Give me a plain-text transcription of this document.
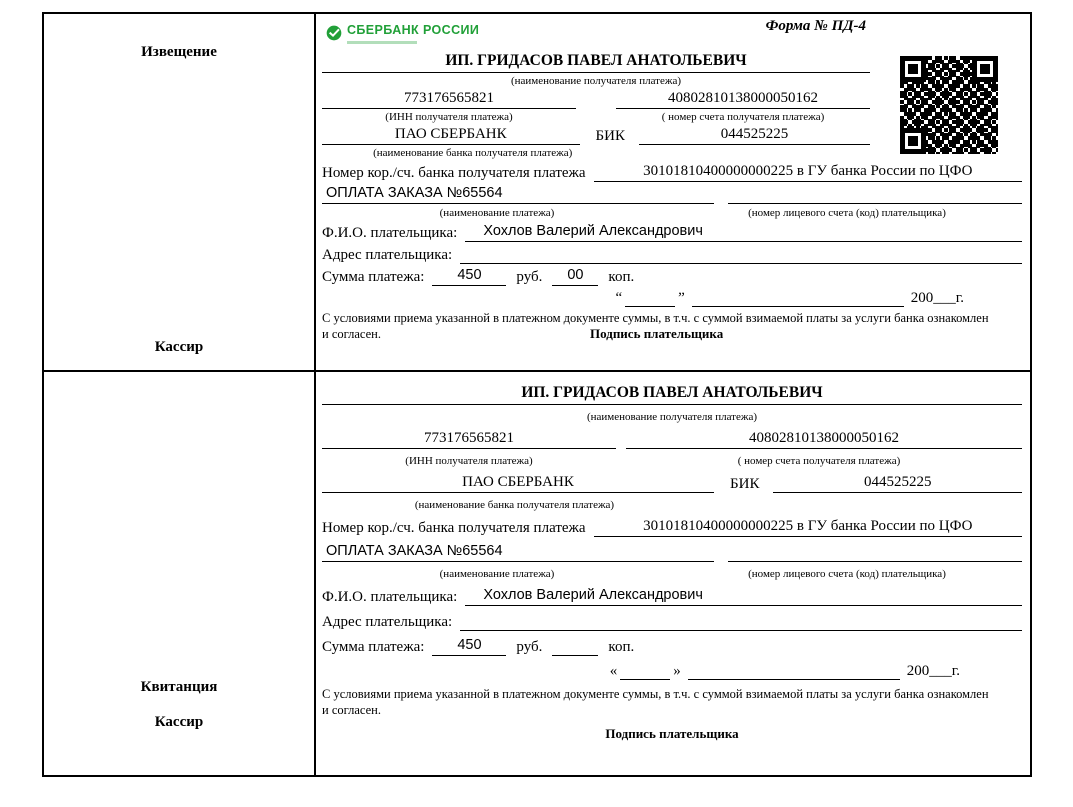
Извещение
Кассир
СБЕРБАНК РОССИИ	Форма № ПД-4
ИП. ГРИДАСОВ ПАВЕЛ АНАТОЛЬЕВИЧ
(наименование получателя платежа)
773176565821	40802810138000050162
(ИНН получателя платежа)	( номер счета получателя платежа)
ПАО СБЕРБАНК	БИК	044525225
(наименование банка получателя платежа)
Номер кор./сч. банка получателя платежа	30101810400000000225 в ГУ банка России по ЦФО
ОПЛАТА ЗАКАЗА №65564
(наименование платежа)	(номер лицевого счета (код) плательщика)
Ф.И.О. плательщика:	Хохлов Валерий Александрович
Адрес плательщика:
Сумма платежа:	450	руб.	00	коп.
“	”	200___г.

С условиями приема указанной в платежном документе суммы, в т.ч. с суммой взимаемой платы за услуги банка ознакомлен и согласен.	Подпись плательщика
Квитанция
Кассир
ИП. ГРИДАСОВ ПАВЕЛ АНАТОЛЬЕВИЧ
(наименование получателя платежа)
773176565821	40802810138000050162
(ИНН получателя платежа)	( номер счета получателя платежа)
ПАО СБЕРБАНК	БИК	044525225
(наименование банка получателя платежа)
Номер кор./сч. банка получателя платежа	30101810400000000225 в ГУ банка России по ЦФО
ОПЛАТА ЗАКАЗА №65564
(наименование платежа)	(номер лицевого счета (код) плательщика)
Ф.И.О. плательщика:	Хохлов Валерий Александрович
Адрес плательщика:
Сумма платежа:	450	руб.	коп.
«	»	200___г.

С условиями приема указанной в платежном документе суммы, в т.ч. с суммой взимаемой платы за услуги банка ознакомлен и согласен.

Подпись плательщика
